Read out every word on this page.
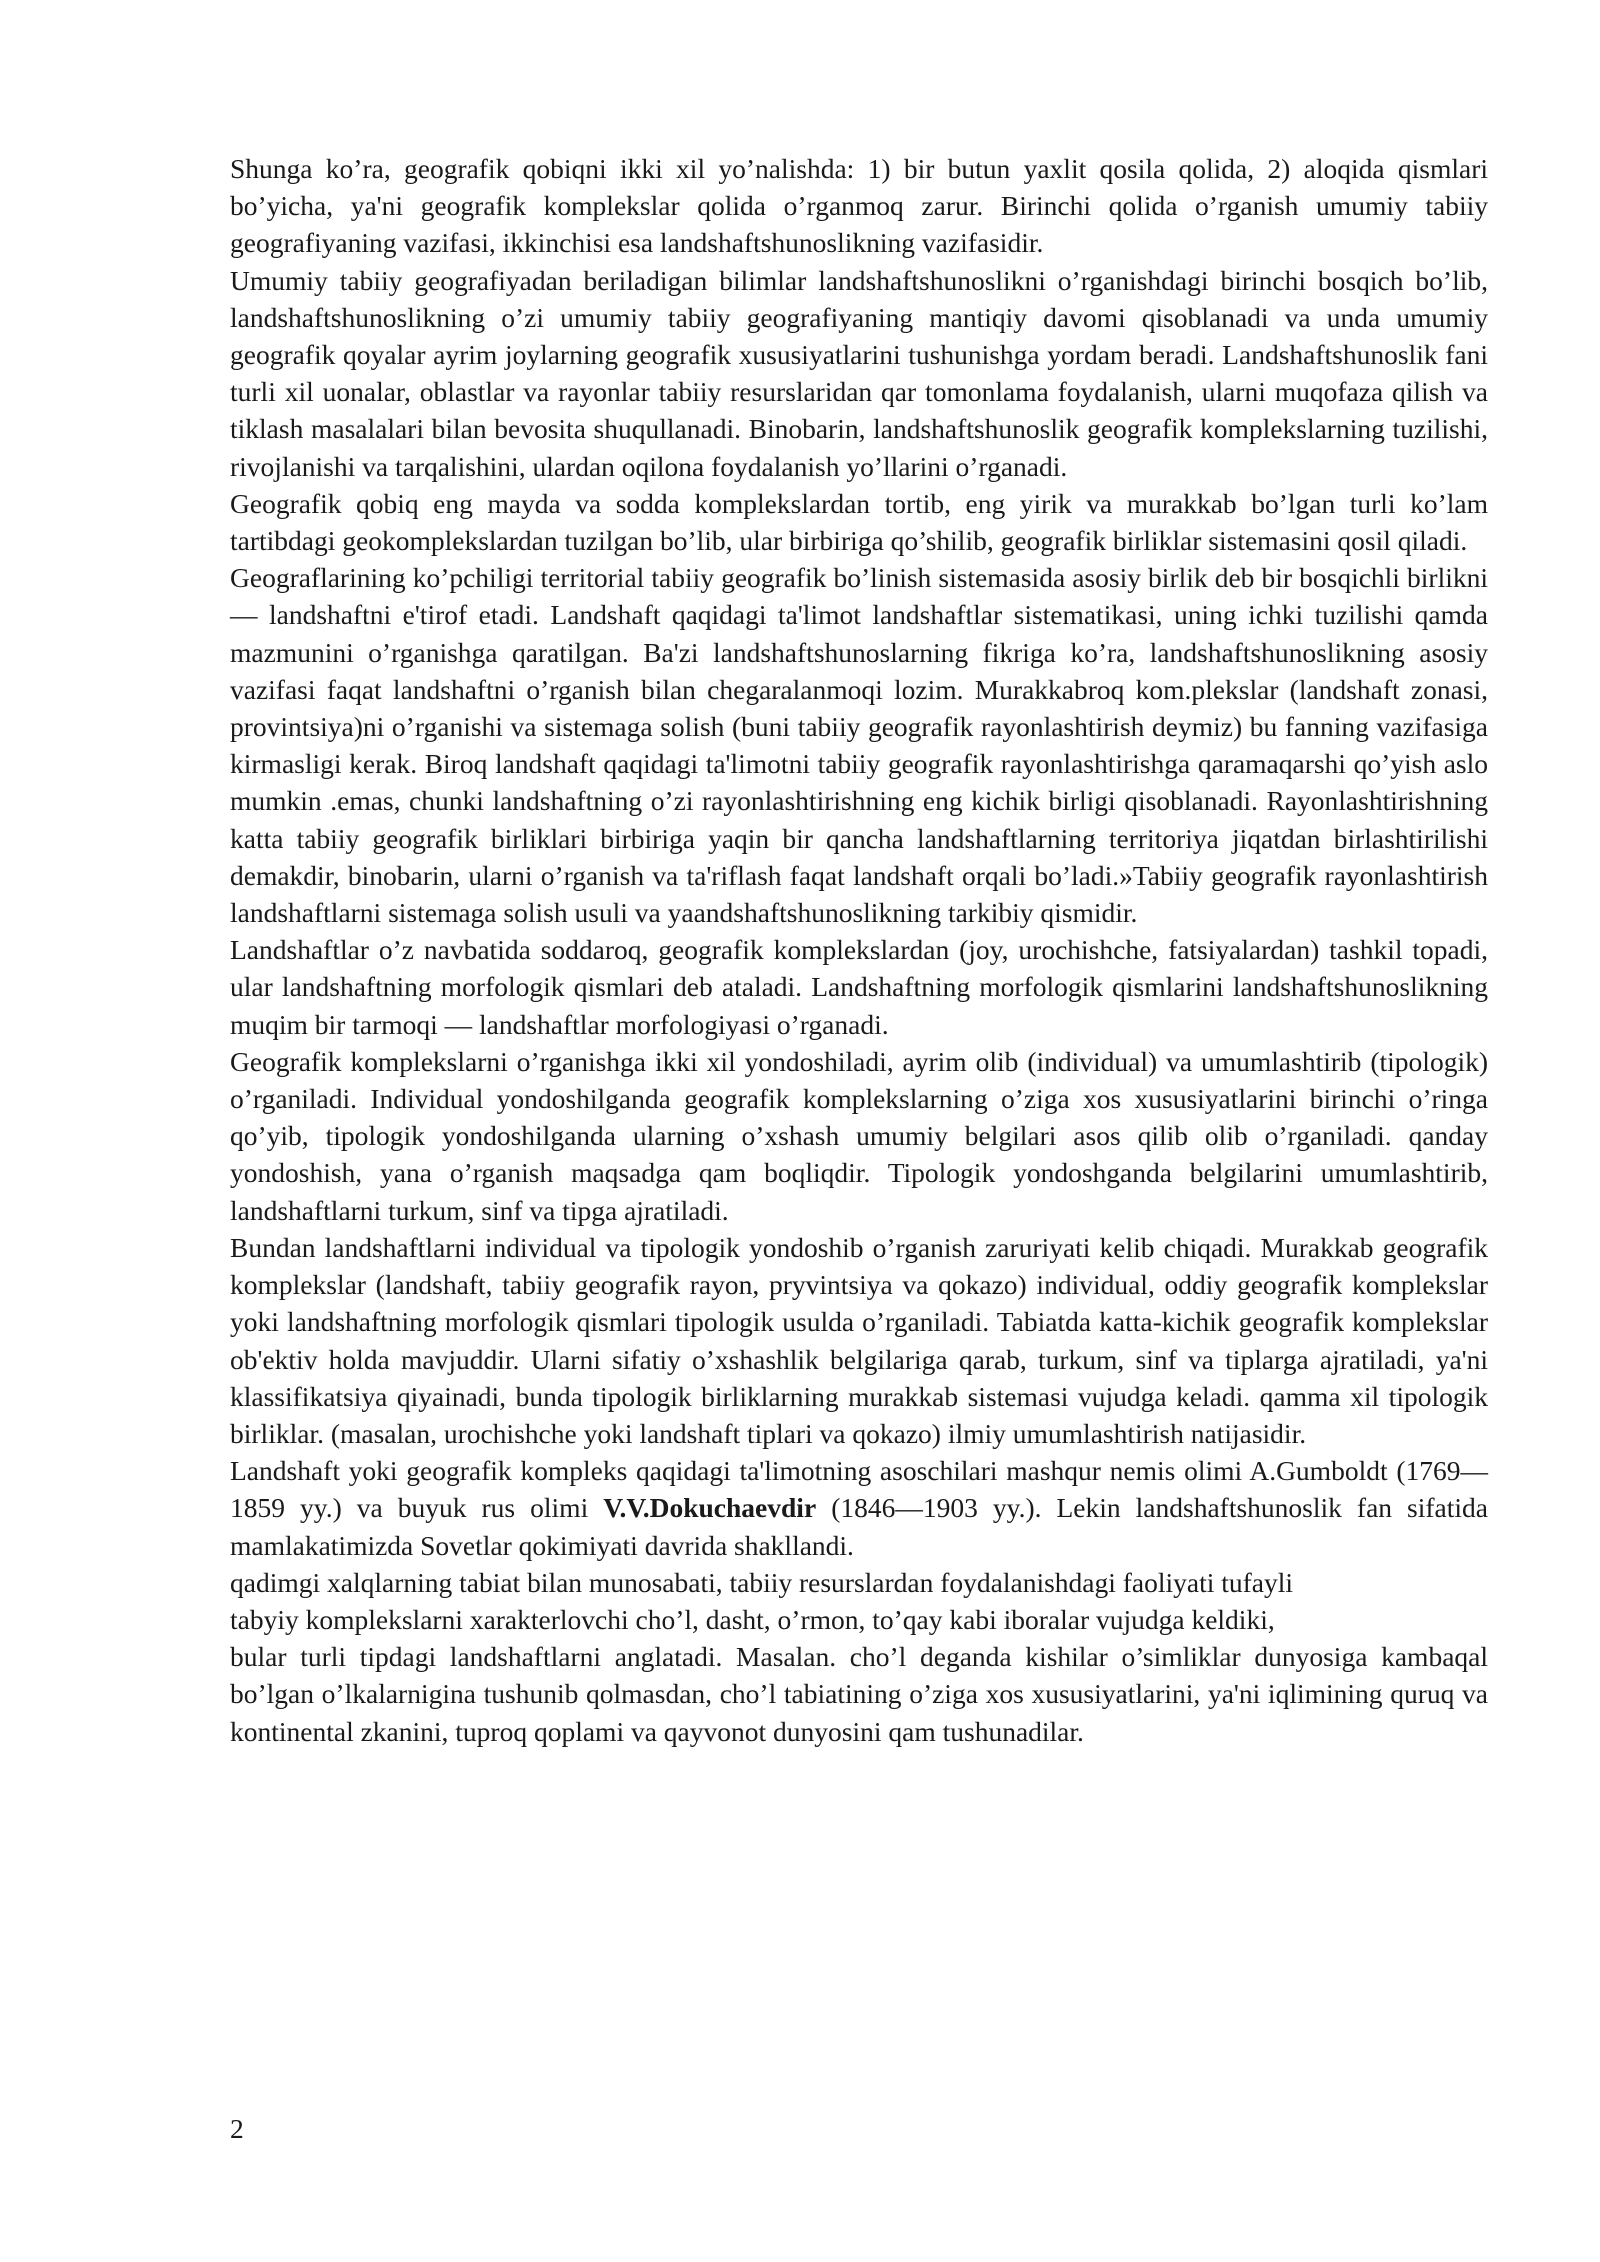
Shunga ko’ra, geografik qobiqni ikki xil yo’nalishda: 1) bir butun yaxlit qosila qolida, 2) aloqida qismlari bo’yicha, ya'ni geografik komplekslar qolida o’rganmoq zarur. Birinchi qolida o’rganish umumiy tabiiy geografiyaning vazifasi, ikkinchisi esa landshaftshunoslikning vazifasidir.

Umumiy tabiiy geografiyadan beriladigan bilimlar landshaftshunoslikni o’rganishdagi birinchi bosqich bo’lib, landshaftshunoslikning o’zi umumiy tabiiy geografiyaning mantiqiy davomi qisoblanadi va unda umumiy geografik qoyalar ayrim joylarning geografik xususiyatlarini tushunishga yordam beradi. Landshaftshunoslik fani turli xil uonalar, oblastlar va rayonlar tabiiy resurslaridan qar tomonlama foydalanish, ularni muqofaza qilish va tiklash masalalari bilan bevosita shuqullanadi. Binobarin, landshaftshunoslik geografik komplekslarning tuzilishi, rivojlanishi va tarqalishini, ulardan oqilona foydalanish yo’llarini o’rganadi.

Geografik qobiq eng mayda va sodda komplekslardan tortib, eng yirik va murakkab bo’lgan turli ko’lam tartibdagi geokomplekslardan tuzilgan bo’lib, ular birbiriga qo’shilib, geografik birliklar sistemasini qosil qiladi.

Geograflarining ko’pchiligi territorial tabiiy geografik bo’linish sistemasida asosiy birlik deb bir bosqichli birlikni — landshaftni e'tirof etadi. Landshaft qaqidagi ta'limot landshaftlar sistematikasi, uning ichki tuzilishi qamda mazmunini o’rganishga qaratilgan. Ba'zi landshaftshunoslarning fikriga ko’ra, landshaftshunoslikning asosiy vazifasi faqat landshaftni o’rganish bilan chegaralanmoqi lozim. Murakkabroq kom.plekslar (landshaft zonasi, provintsiya)ni o’rganishi va sistemaga solish (buni tabiiy geografik rayonlashtirish deymiz) bu fanning vazifasiga kirmasligi kerak. Biroq landshaft qaqidagi ta'limotni tabiiy geografik rayonlashtirishga qaramaqarshi qo’yish aslo mumkin .emas, chunki landshaftning o’zi rayonlashtirishning eng kichik birligi qisoblanadi. Rayonlashtirishning katta tabiiy geografik birliklari birbiriga yaqin bir qancha landshaftlarning territoriya jiqatdan birlashtirilishi demakdir, binobarin, ularni o’rganish va ta'riflash faqat landshaft orqali bo’ladi.»Tabiiy geografik rayonlashtirish landshaftlarni sistemaga solish usuli va yaandshaftshunoslikning tarkibiy qismidir.

Landshaftlar o’z navbatida soddaroq, geografik komplekslardan (joy, urochishche, fatsiyalardan) tashkil topadi, ular landshaftning morfologik qismlari deb ataladi. Landshaftning morfologik qismlarini landshaftshunoslikning muqim bir tarmoqi — landshaftlar morfologiyasi o’rganadi.

Geografik komplekslarni o’rganishga ikki xil yondoshiladi, ayrim olib (individual) va umumlashtirib (tipologik) o’rganiladi. Individual yondoshilganda geografik komplekslarning o’ziga xos xususiyatlarini birinchi o’ringa qo’yib, tipologik yondoshilganda ularning o’xshash umumiy belgilari asos qilib olib o’rganiladi. qanday yondoshish, yana o’rganish maqsadga qam boqliqdir. Tipologik yondoshganda belgilarini umumlashtirib, landshaftlarni turkum, sinf va tipga ajratiladi.

Bundan landshaftlarni individual va tipologik yondoshib o’rganish zaruriyati kelib chiqadi. Murakkab geografik komplekslar (landshaft, tabiiy geografik rayon, pryvintsiya va qokazo) individual, oddiy geografik komplekslar yoki landshaftning morfologik qismlari tipologik usulda o’rganiladi. Tabiatda katta-kichik geografik komplekslar ob'ektiv holda mavjuddir. Ularni sifatiy o’xshashlik belgilariga qarab, turkum, sinf va tiplarga ajratiladi, ya'ni klassifikatsiya qiyainadi, bunda tipologik birliklarning murakkab sistemasi vujudga keladi. qamma xil tipologik birliklar. (masalan, urochishche yoki landshaft tiplari va qokazo) ilmiy umumlashtirish natijasidir.

Landshaft yoki geografik kompleks qaqidagi ta'limotning asoschilari mashqur nemis olimi A.Gumboldt (1769—1859 yy.) va buyuk rus olimi V.V.Dokuchaevdir (1846—1903 yy.). Lekin landshaftshunoslik fan sifatida mamlakatimizda Sovetlar qokimiyati davrida shakllandi.

qadimgi xalqlarning tabiat bilan munosabati, tabiiy resurslardan foydalanishdagi faoliyati tufayli

tabyiy komplekslarni xarakterlovchi cho’l, dasht, o’rmon, to’qay kabi iboralar vujudga keldiki,

bular turli tipdagi landshaftlarni anglatadi. Masalan. cho’l deganda kishilar o’simliklar dunyosiga kambaqal bo’lgan o’lkalarnigina tushunib qolmasdan, cho’l tabiatining o’ziga xos xususiyatlarini, ya'ni iqlimining quruq va kontinental zkanini, tuproq qoplami va qayvonot dunyosini qam tushunadilar.

2
